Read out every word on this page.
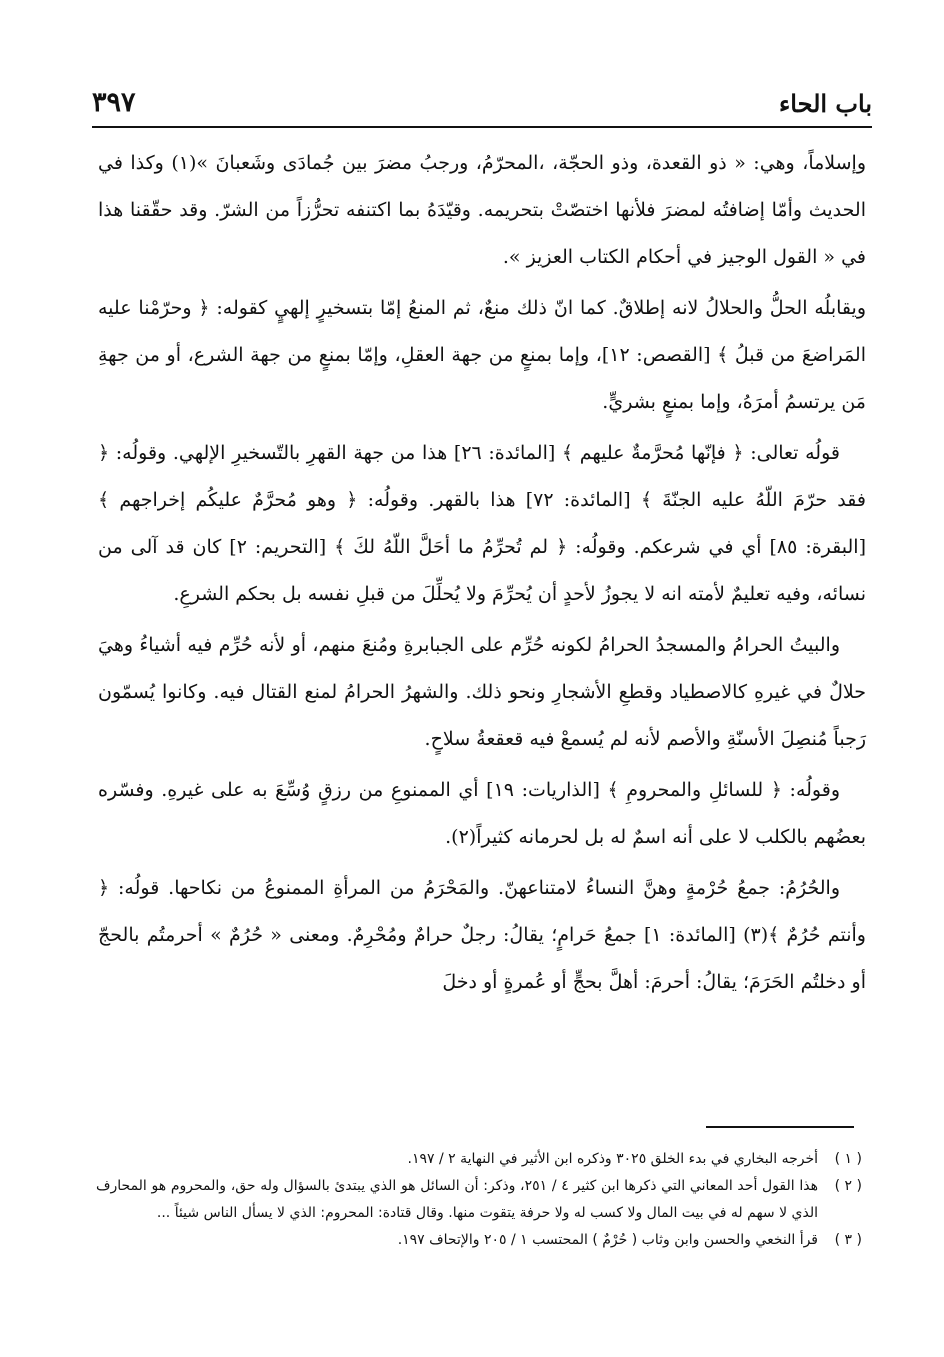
باب الحاء
٣٩٧

وإسلاماً، وهي: « ذو القعدة، وذو الحجّة، ،المحرّمُ، ورجبُ مضرَ بين جُمادَى وشَعبانَ »(١) وكذا في الحديث وأمّا إضافتُه لمضرَ فلأنها اختصّتْ بتحريمه. وقيّدَهُ بما اكتنفه تحرُّزاً من الشرّ. وقد حقّقنا هذا في « القول الوجيز في أحكام الكتاب العزيز ».

ويقابلُه الحلُّ والحلالُ لانه إطلاقٌ. كما انّ ذلك منعٌ، ثم المنعُ إمّا بتسخيرٍ إلهيٍ كقوله: ﴿ وحرّمْنا عليه المَراضعَ من قبلُ ﴾ [القصص: ١٢]، وإما بمنعٍ من جهة العقلِ، وإمّا بمنعٍ من جهة الشرع، أو من جهةِ مَن يرتسمُ أمرَهُ، وإما بمنعٍ بشريٍّ.

قولُه تعالى: ﴿ فإنّها مُحرَّمةٌ عليهم ﴾ [المائدة: ٢٦] هذا من جهة القهرِ بالتّسخيرِ الإلهي. وقولُه: ﴿ فقد حرّمَ اللّهُ عليه الجنّةَ ﴾ [المائدة: ٧٢] هذا بالقهر. وقولُه: ﴿ وهو مُحرَّمٌ عليكُم إخراجهم ﴾ [البقرة: ٨٥] أي في شرعكم. وقولُه: ﴿ لم تُحرِّمُ ما أحَلَّ اللّهُ لكَ ﴾ [التحريم: ٢] كان قد آلى من نسائه، وفيه تعليمٌ لأمته انه لا يجوزُ لأحدٍ أن يُحرِّمَ ولا يُحلِّلَ من قبلِ نفسه بل بحكم الشرعِ.

والبيتُ الحرامُ والمسجدُ الحرامُ لكونه حُرِّم على الجبابرةِ ومُنعَ منهم، أو لأنه حُرِّم فيه أشياءُ وهيَ حلالٌ في غيرهِ كالاصطياد وقطعِ الأشجارِ ونحو ذلك. والشهرُ الحرامُ لمنع القتال فيه. وكانوا يُسمّون رَجباً مُنصِلَ الأسنّةِ والأصم لأنه لم يُسمعْ فيه قعقعةُ سلاحٍ.

وقولُه: ﴿ للسائلِ والمحرومِ ﴾ [الذاريات: ١٩] أي الممنوعِ من رزقٍ وُسِّعَ به على غيرهِ. وفسّره بعضُهم بالكلب لا على أنه اسمٌ له بل لحرمانه كثيراً(٢).

والحُرُمُ: جمعُ حُرْمةٍ وهنَّ النساءُ لامتناعهنّ. والمَحْرَمُ من المرأةِ الممنوعُ من نكاحها. قولُه: ﴿ وأنتم حُرُمٌ ﴾(٣) [المائدة: ١] جمعُ حَرامٍ؛ يقالُ: رجلٌ حرامٌ ومُحْرِمٌ. ومعنى « حُرُمٌ » أحرمتُم بالحجّ أو دخلتُم الحَرَمَ؛ يقالُ: أحرمَ: أهلَّ بحجٍّ أو عُمرةٍ أو دخلَ

( ١ )
أخرجه البخاري في بدء الخلق ٣٠٢٥ وذكره ابن الأثير في النهاية ٢ / ١٩٧.
( ٢ )
هذا القول أحد المعاني التي ذكرها ابن كثير ٤ / ٢٥١، وذكر: أن السائل هو الذي يبتدئ بالسؤال وله حق، والمحروم هو المحارف الذي لا سهم له في بيت المال ولا كسب له ولا حرفة يتقوت منها. وقال قتادة: المحروم: الذي لا يسأل الناس شيئاً ...
( ٣ )
قرأ النخعي والحسن وابن وثاب ( حُرْمٌ ) المحتسب ١ / ٢٠٥ والإتحاف ١٩٧.
